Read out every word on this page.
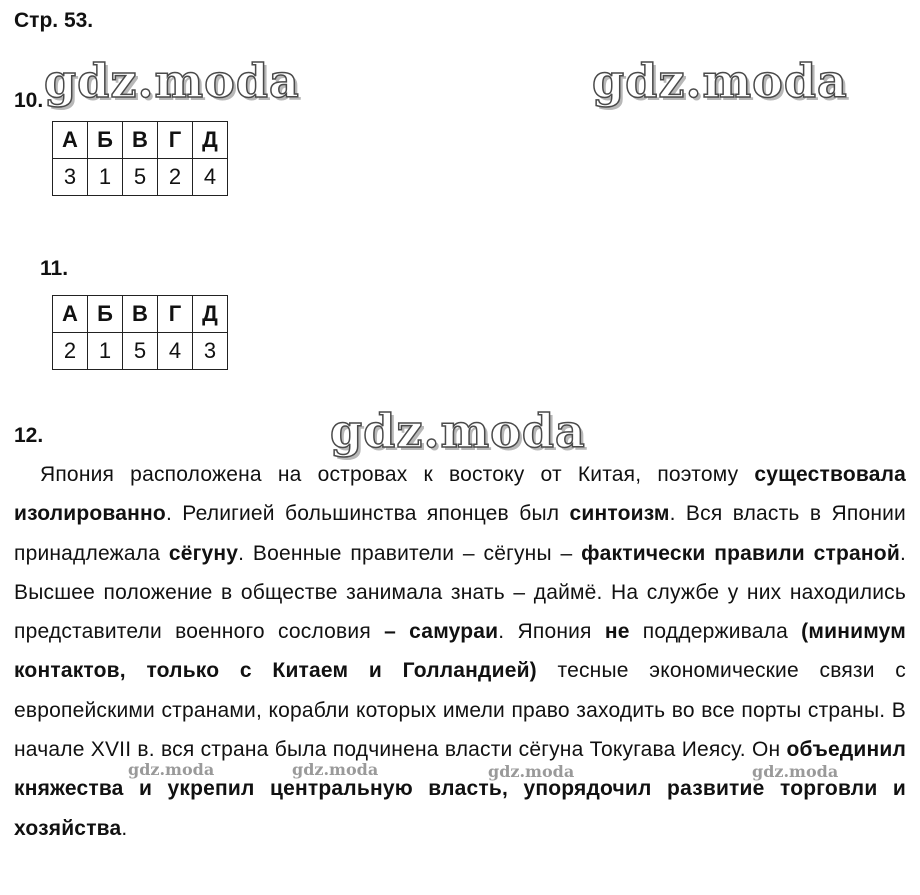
Стр. 53.
gdz.moda	gdz.moda
gdz.moda
10.
А	Б	В	Г	Д
3	1	5	2	4
11.
А	Б	В	Г	Д
2	1	5	4	3
12.
Япония расположена на островах к востоку от Китая, поэтому существовала изолированно. Религией большинства японцев был синтоизм. Вся власть в Японии принадлежала сёгуну. Военные правители – сёгуны – фактически правили страной. Высшее положение в обществе занимала знать – даймё. На службе у них находились представители военного сословия – самураи. Япония не поддерживала (минимум контактов, только с Китаем и Голландией) тесные экономические связи с европейскими странами, корабли которых имели право заходить во все порты страны. В начале XVII в. вся страна была подчинена власти сёгуна Токугава Иеясу. Он объединил княжества и укрепил центральную власть, упорядочил развитие торговли и хозяйства.
gdz.moda	gdz.moda	gdz.moda	gdz.moda
